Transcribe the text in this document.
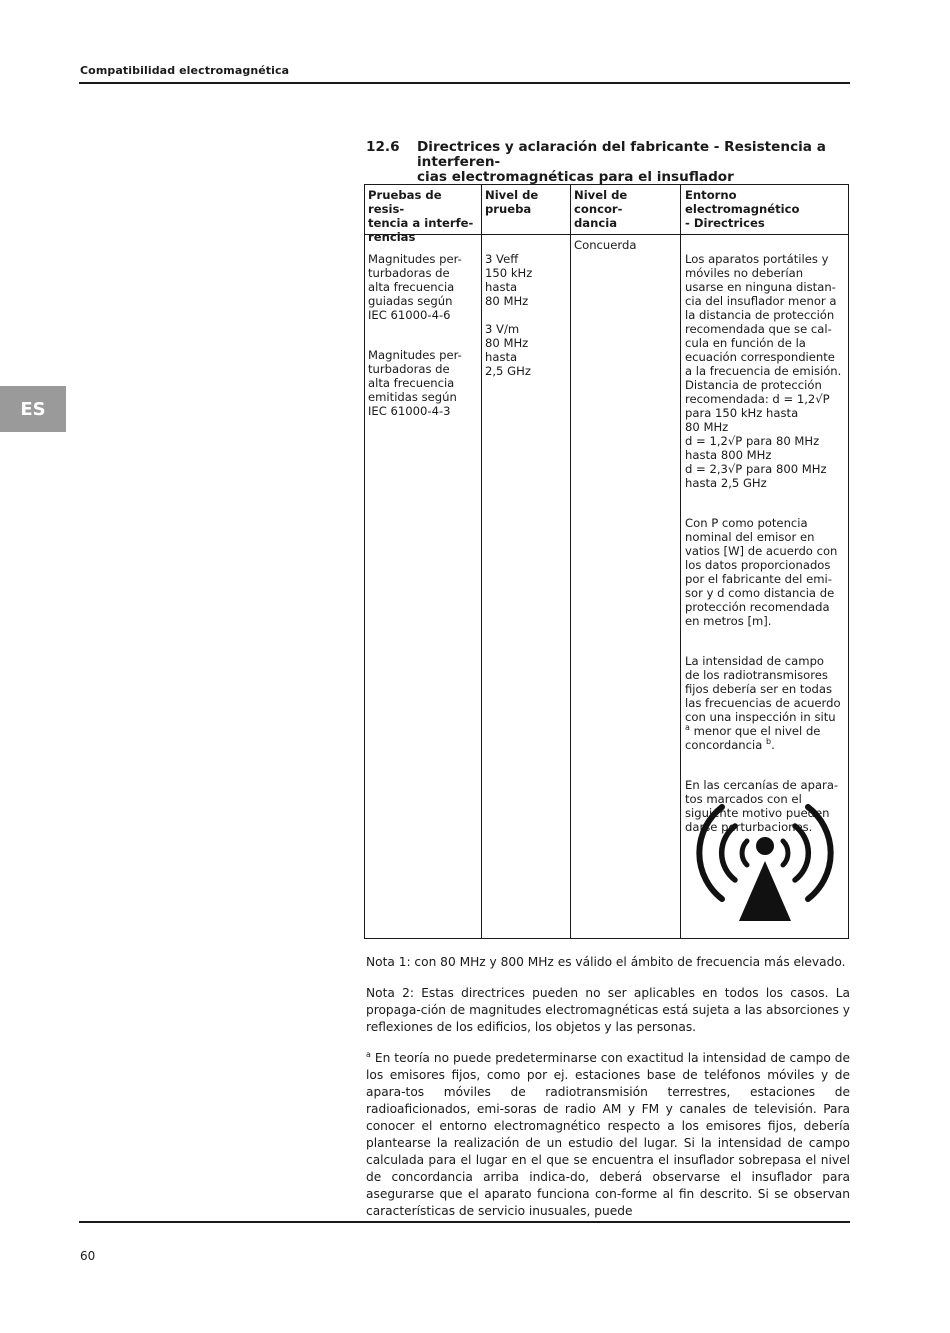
Compatibilidad electromagnética
ES
12.6 Directrices y aclaración del fabricante - Resistencia a interferen-
cias electromagnéticas para el insuflador
Pruebas de resis-
tencia a interfe-
rencias
Nivel de
prueba
Nivel de concor-
dancia
Entorno electromagnético
- Directrices

Magnitudes per-
turbadoras de
alta frecuencia
guiadas según
IEC 61000-4-6

Magnitudes per-
turbadoras de
alta frecuencia
emitidas según
IEC 61000-4-3

3 Veff
150 kHz
hasta
80 MHz

3 V/m
80 MHz
hasta
2,5 GHz

Concuerda

Los aparatos portátiles y
móviles no deberían
usarse en ninguna distan-
cia del insuflador menor a
la distancia de protección
recomendada que se cal-
cula en función de la
ecuación correspondiente
a la frecuencia de emisión.
Distancia de protección
recomendada: d = 1,2√P
para 150 kHz hasta
80 MHz
d = 1,2√P para 80 MHz
hasta 800 MHz
d = 2,3√P para 800 MHz
hasta 2,5 GHz

Con P como potencia
nominal del emisor en
vatios [W] de acuerdo con
los datos proporcionados
por el fabricante del emi-
sor y d como distancia de
protección recomendada
en metros [m].

La intensidad de campo
de los radiotransmisores
fijos debería ser en todas
las frecuencias de acuerdo
con una inspección in situ
$^a$ menor que el nivel de
concordancia $^b$.

En las cercanías de apara-
tos marcados con el
siguiente motivo pueden
darse perturbaciones.

Nota 1: con 80 MHz y 800 MHz es válido el ámbito de frecuencia más elevado.

Nota 2: Estas directrices pueden no ser aplicables en todos los casos. La propaga-ción de magnitudes electromagnéticas está sujeta a las absorciones y reflexiones de los edificios, los objetos y las personas.

$^a$ En teoría no puede predeterminarse con exactitud la intensidad de campo de los emisores fijos, como por ej. estaciones base de teléfonos móviles y de apara-tos móviles de radiotransmisión terrestres, estaciones de radioaficionados, emi-soras de radio AM y FM y canales de televisión. Para conocer el entorno electromagnético respecto a los emisores fijos, debería plantearse la realización de un estudio del lugar. Si la intensidad de campo calculada para el lugar en el que se encuentra el insuflador sobrepasa el nivel de concordancia arriba indica-do, deberá observarse el insuflador para asegurarse que el aparato funciona con-forme al fin descrito. Si se observan características de servicio inusuales, puede

60
